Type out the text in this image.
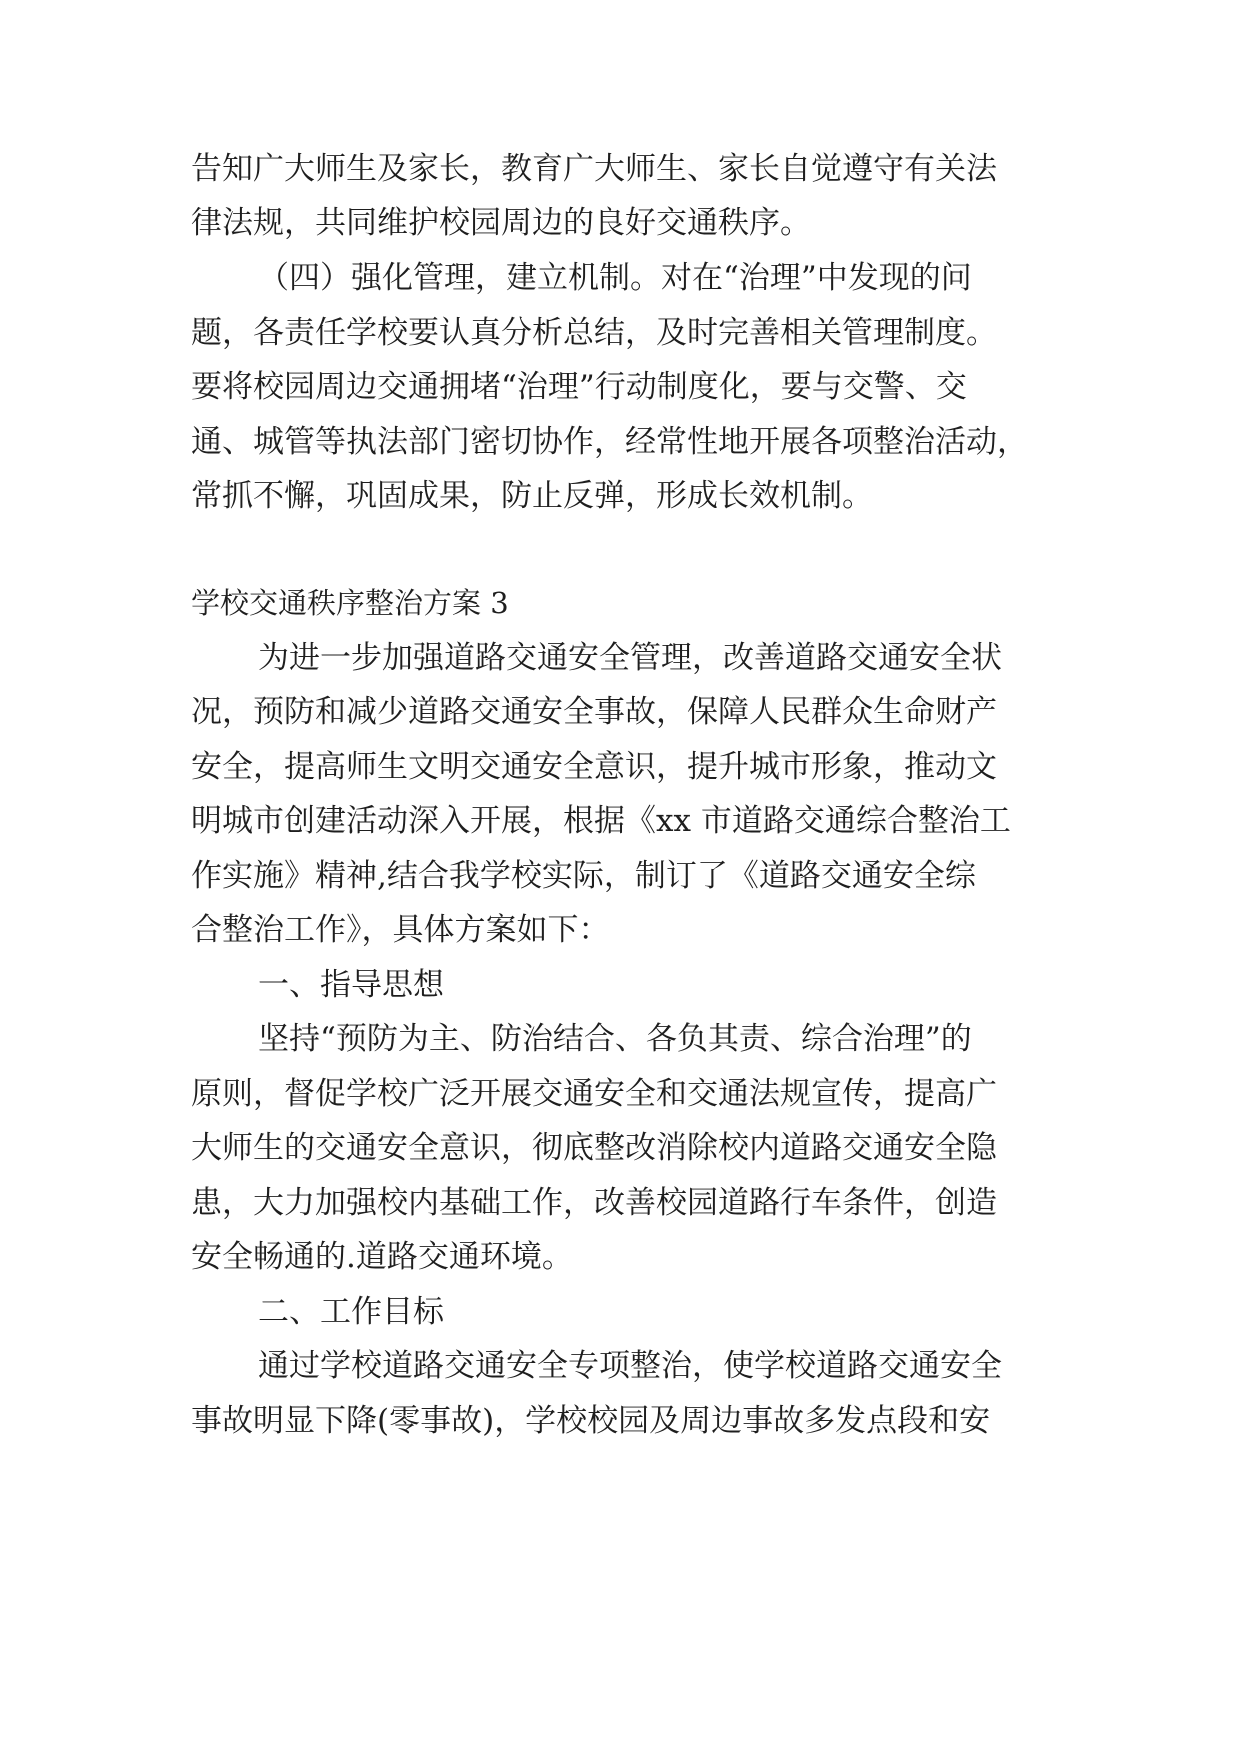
告知广大师生及家长，教育广大师生、家长自觉遵守有关法
律法规，共同维护校园周边的良好交通秩序。
（四）强化管理，建立机制。对在“治理”中发现的问
题，各责任学校要认真分析总结，及时完善相关管理制度。
要将校园周边交通拥堵“治理”行动制度化，要与交警、交
通、城管等执法部门密切协作，经常性地开展各项整治活动，
常抓不懈，巩固成果，防止反弹，形成长效机制。
学校交通秩序整治方案 3
为进一步加强道路交通安全管理，改善道路交通安全状
况，预防和减少道路交通安全事故，保障人民群众生命财产
安全，提高师生文明交通安全意识，提升城市形象，推动文
明城市创建活动深入开展，根据《xx 市道路交通综合整治工
作实施》精神,结合我学校实际，制订了《道路交通安全综
合整治工作》，具体方案如下：
一、指导思想
坚持“预防为主、防治结合、各负其责、综合治理”的
原则，督促学校广泛开展交通安全和交通法规宣传，提高广
大师生的交通安全意识，彻底整改消除校内道路交通安全隐
患，大力加强校内基础工作，改善校园道路行车条件，创造
安全畅通的.道路交通环境。
二、工作目标
通过学校道路交通安全专项整治，使学校道路交通安全
事故明显下降(零事故)，学校校园及周边事故多发点段和安
